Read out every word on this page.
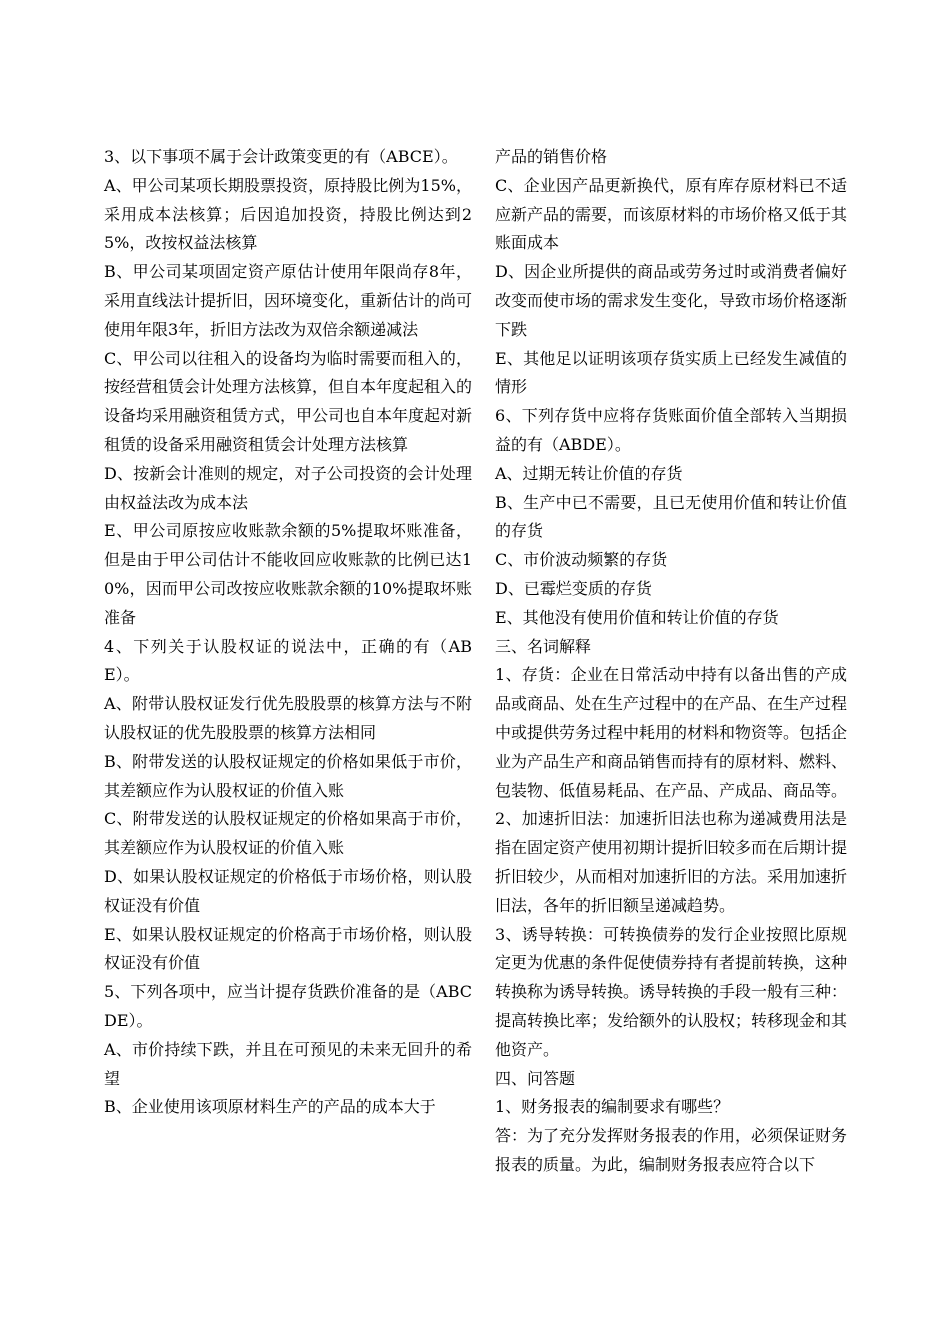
3、以下事项不属于会计政策变更的有（ABCE）。

A、甲公司某项长期股票投资，原持股比例为15%，采用成本法核算；后因追加投资，持股比例达到25%，改按权益法核算

B、甲公司某项固定资产原估计使用年限尚存8年，采用直线法计提折旧，因环境变化，重新估计的尚可使用年限3年，折旧方法改为双倍余额递减法

C、甲公司以往租入的设备均为临时需要而租入的，按经营租赁会计处理方法核算，但自本年度起租入的设备均采用融资租赁方式，甲公司也自本年度起对新租赁的设备采用融资租赁会计处理方法核算

D、按新会计准则的规定，对子公司投资的会计处理由权益法改为成本法

E、甲公司原按应收账款余额的5%提取坏账准备，但是由于甲公司估计不能收回应收账款的比例已达10%，因而甲公司改按应收账款余额的10%提取坏账准备

4、下列关于认股权证的说法中，正确的有（ABE）。

A、附带认股权证发行优先股股票的核算方法与不附认股权证的优先股股票的核算方法相同

B、附带发送的认股权证规定的价格如果低于市价，其差额应作为认股权证的价值入账

C、附带发送的认股权证规定的价格如果高于市价，其差额应作为认股权证的价值入账

D、如果认股权证规定的价格低于市场价格，则认股权证没有价值

E、如果认股权证规定的价格高于市场价格，则认股权证没有价值

5、下列各项中，应当计提存货跌价准备的是（ABCDE）。

A、市价持续下跌，并且在可预见的未来无回升的希望

B、企业使用该项原材料生产的产品的成本大于

产品的销售价格

C、企业因产品更新换代，原有库存原材料已不适应新产品的需要，而该原材料的市场价格又低于其账面成本

D、因企业所提供的商品或劳务过时或消费者偏好改变而使市场的需求发生变化，导致市场价格逐渐下跌

E、其他足以证明该项存货实质上已经发生减值的情形

6、下列存货中应将存货账面价值全部转入当期损益的有（ABDE）。

A、过期无转让价值的存货

B、生产中已不需要，且已无使用价值和转让价值的存货

C、市价波动频繁的存货

D、已霉烂变质的存货

E、其他没有使用价值和转让价值的存货

三、名词解释

1、存货：企业在日常活动中持有以备出售的产成品或商品、处在生产过程中的在产品、在生产过程中或提供劳务过程中耗用的材料和物资等。包括企业为产品生产和商品销售而持有的原材料、燃料、包装物、低值易耗品、在产品、产成品、商品等。

2、加速折旧法：加速折旧法也称为递减费用法是指在固定资产使用初期计提折旧较多而在后期计提折旧较少，从而相对加速折旧的方法。采用加速折旧法，各年的折旧额呈递减趋势。

3、诱导转换：可转换债券的发行企业按照比原规定更为优惠的条件促使债券持有者提前转换，这种转换称为诱导转换。诱导转换的手段一般有三种：提高转换比率；发给额外的认股权；转移现金和其他资产。

四、问答题

1、财务报表的编制要求有哪些？

答：为了充分发挥财务报表的作用，必须保证财务报表的质量。为此，编制财务报表应符合以下
